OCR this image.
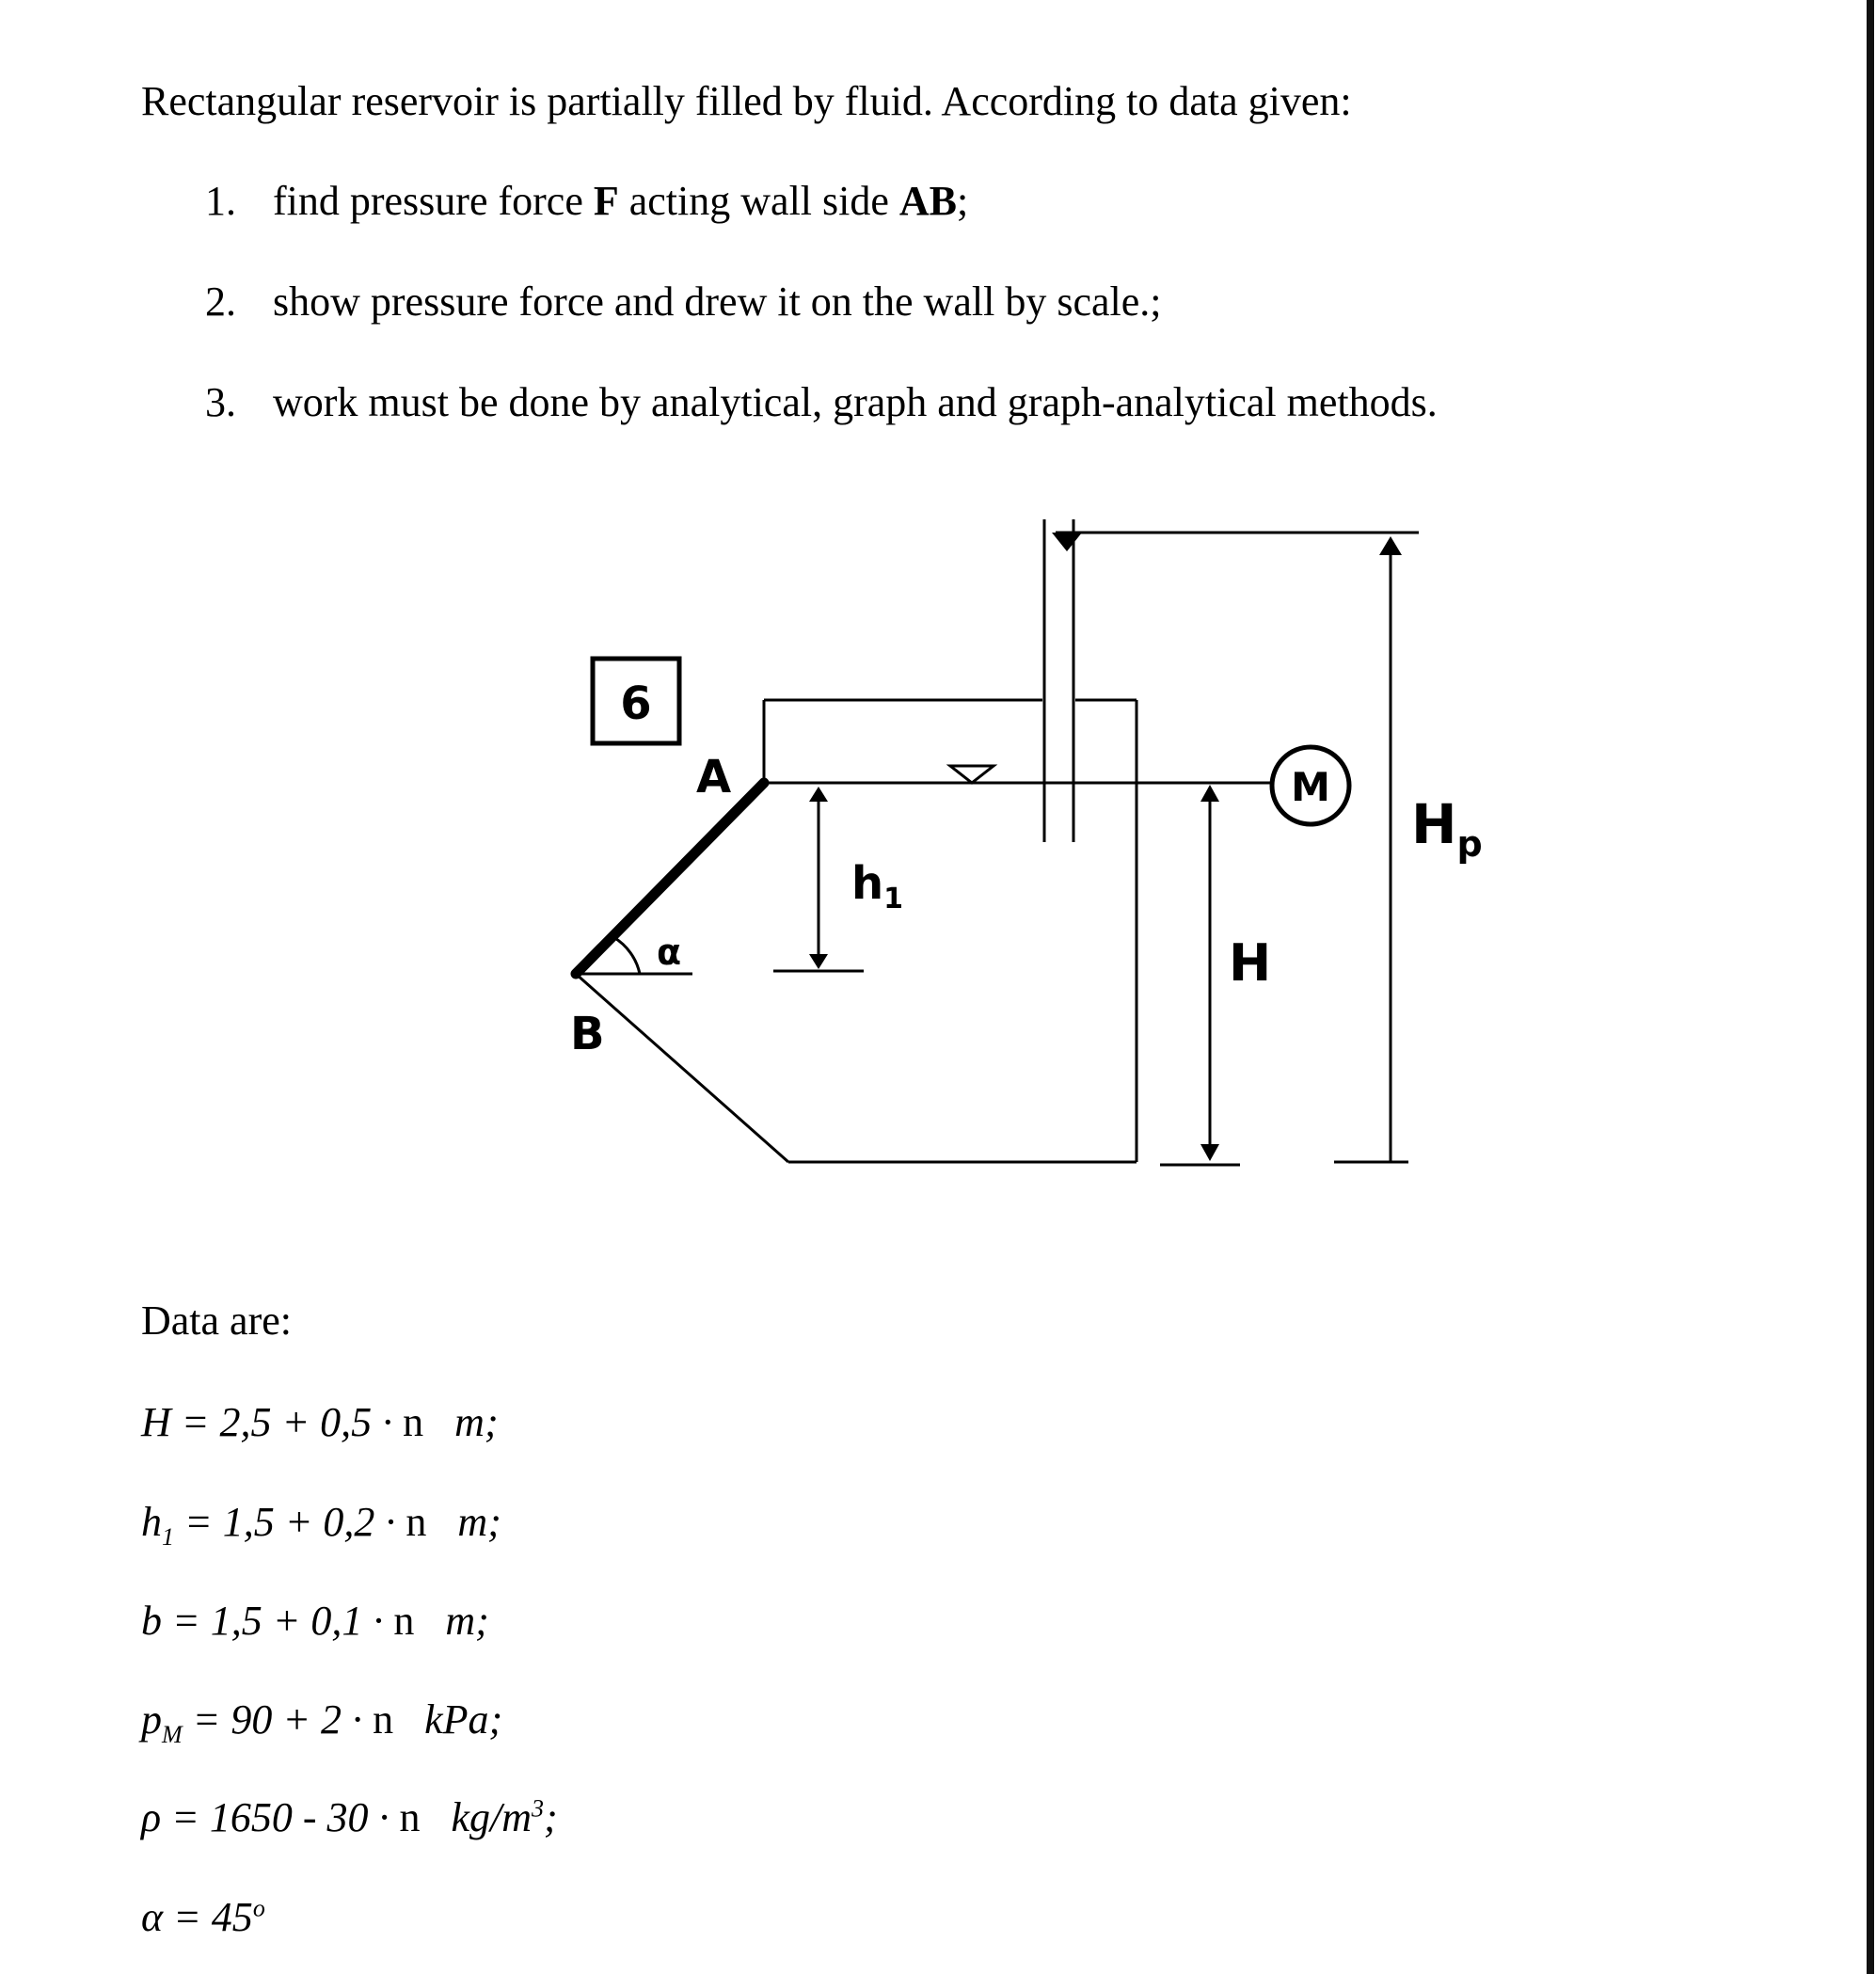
Rectangular reservoir is partially filled by fluid. According to data given:
1. find pressure force F acting wall side AB;
2. show pressure force and drew it on the wall by scale.;
3. work must be done by analytical, graph and graph-analytical methods.
6
A
B
α
$h_1$
H
$H_p$
M
Data are:
H = 2,5 + 0,5 · n   m;
$h_1 = 1,5 + 0,2 \cdot n$   m;
b = 1,5 + 0,1 · n   m;
$p_M = 90 + 2 \cdot n$   kPa;
ρ = 1650 - 30 · n   $kg/m^3$;
$\alpha = 45^o$
